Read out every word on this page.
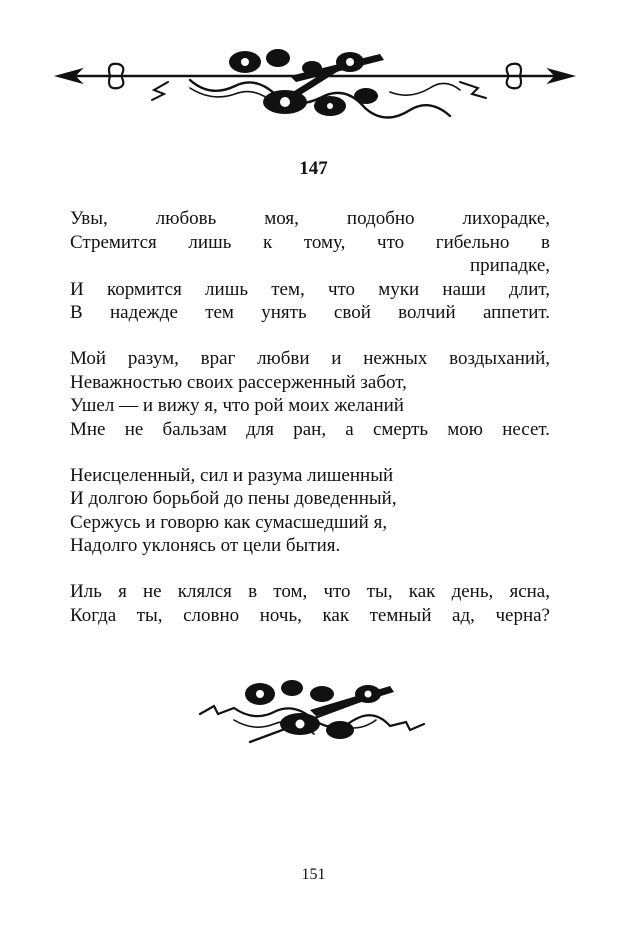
147
Увы, любовь моя, подобно лихорадке,
Стремится лишь к тому, что гибельно в
припадке,
И кормится лишь тем, что муки наши длит,
В надежде тем унять свой волчий аппетит.
Мой разум, враг любви и нежных воздыханий,
Неважностью своих рассерженный забот,
Ушел — и вижу я, что рой моих желаний
Мне не бальзам для ран, а смерть мою несет.
Неисцеленный, сил и разума лишенный
И долгою борьбой до пены доведенный,
Сержусь и говорю как сумасшедший я,
Надолго уклонясь от цели бытия.
Иль я не клялся в том, что ты, как день, ясна,
Когда ты, словно ночь, как темный ад, черна?
151
